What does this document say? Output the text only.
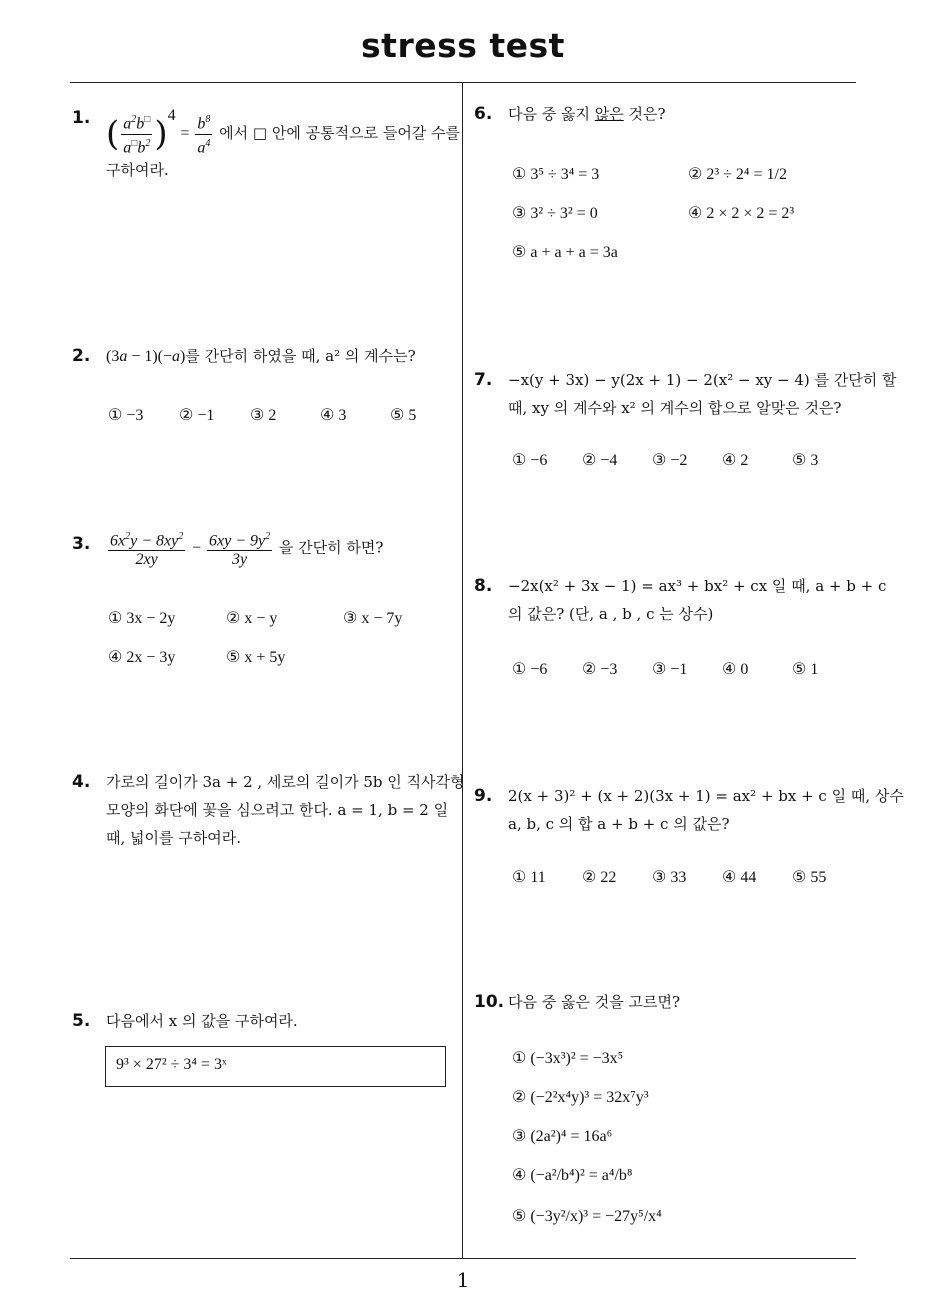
stress test
1
1. ( $\frac{a^2b^□}{a^□b^2} )^4 = \frac{b^8}{a^4}$ 에서 □ 안에 공통적으로 들어갈 수를
구하여라.
2. (3a − 1)(−a)를 간단히 하였을 때, a² 의 계수는?
① −3 ② −1 ③ 2	④ 3	⑤ 5
3. $\frac{6x^2y - 8xy^2}{2xy} - \frac{6xy - 9y^2}{3y}$ 을 간단히 하면?
① 3x − 2y	② x − y	③ x − 7y
④ 2x − 3y	⑤ x + 5y
4. 가로의 길이가 3a + 2 , 세로의 길이가 5b 인 직사각형
모양의 화단에 꽃을 심으려고 한다. a = 1, b = 2 일
때, 넓이를 구하여라.
5. 다음에서 x 의 값을 구하여라.
9³ × 27² ÷ 3⁴ = 3ˣ
6. 다음 중 옳지 않은 것은?
① 3⁵ ÷ 3⁴ = 3	② 2³ ÷ 2⁴ = 1/2
③ 3² ÷ 3² = 0	④ 2 × 2 × 2 = 2³
⑤ a + a + a = 3a
7. −x(y + 3x) − y(2x + 1) − 2(x² − xy − 4) 를 간단히 할
때, xy 의 계수와 x² 의 계수의 합으로 알맞은 것은?
① −6 ② −4 ③ −2 ④ 2	⑤ 3
8. −2x(x² + 3x − 1) = ax³ + bx² + cx 일 때, a + b + c
의 값은? (단, a , b , c 는 상수)
① −6 ② −3 ③ −1 ④ 0	⑤ 1
9. 2(x + 3)² + (x + 2)(3x + 1) = ax² + bx + c 일 때, 상수
a, b, c 의 합 a + b + c 의 값은?
① 11 ② 22 ③ 33 ④ 44 ⑤ 55
10. 다음 중 옳은 것을 고르면?
① (−3x³)² = −3x⁵
② (−2²x⁴y)³ = 32x⁷y³
③ (2a²)⁴ = 16a⁶
④ (−a²/b⁴)² = a⁴/b⁸
⑤ (−3y²/x)³ = −27y⁵/x⁴
